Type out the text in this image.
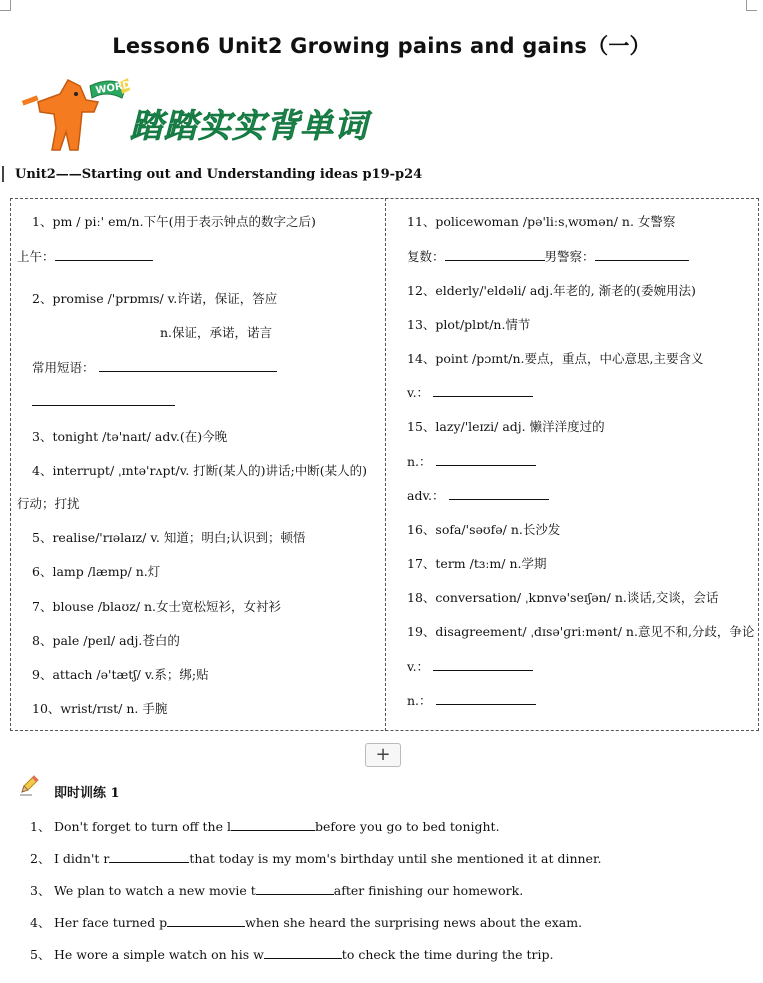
Lesson6 Unit2 Growing pains and gains（一）
WORD
踏踏实实背单词
Unit2——Starting out and Understanding ideas p19-p24
1、pm / piː' em/n.下午(用于表示钟点的数字之后)
上午：
2、promise /'prɒmɪs/ v.许诺，保证，答应
n.保证，承诺，诺言
常用短语：
3、tonight /tə'naɪt/ adv.(在)今晚
4、interrupt/ ˌɪntə'rʌpt/v. 打断(某人的)讲话;中断(某人的)
行动；打扰
5、realise/'rɪəlaɪz/ v. 知道；明白;认识到；顿悟
6、lamp /læmp/ n.灯
7、blouse /blaʊz/ n.女士宽松短衫，女衬衫
8、pale /peɪl/ adj.苍白的
9、attach /ə'tætʃ/ v.系；绑;贴
10、wrist/rɪst/ n. 手腕
11、policewoman /pə'liːsˌwʊmən/ n. 女警察
复数：	男警察：
12、elderly/'eldəli/ adj.年老的, 渐老的(委婉用法)
13、plot/plɒt/n.情节
14、point /pɔɪnt/n.要点，重点，中心意思,主要含义
v.：
15、lazy/'leɪzi/ adj. 懒洋洋度过的
n.：
adv.：
16、sofa/'səʊfə/ n.长沙发
17、term /tɜːm/ n.学期
18、conversation/ ˌkɒnvə'seɪʃən/ n.谈话,交谈，会话
19、disagreement/ ˌdɪsə'ɡriːmənt/ n.意见不和,分歧，争论
v.：
n.：
+
即时训练 1
1、 Don't forget to turn off the l	before you go to bed tonight.
2、 I didn't r	that today is my mom's birthday until she mentioned it at dinner.
3、 We plan to watch a new movie t	after finishing our homework.
4、 Her face turned p	when she heard the surprising news about the exam.
5、 He wore a simple watch on his w	to check the time during the trip.
